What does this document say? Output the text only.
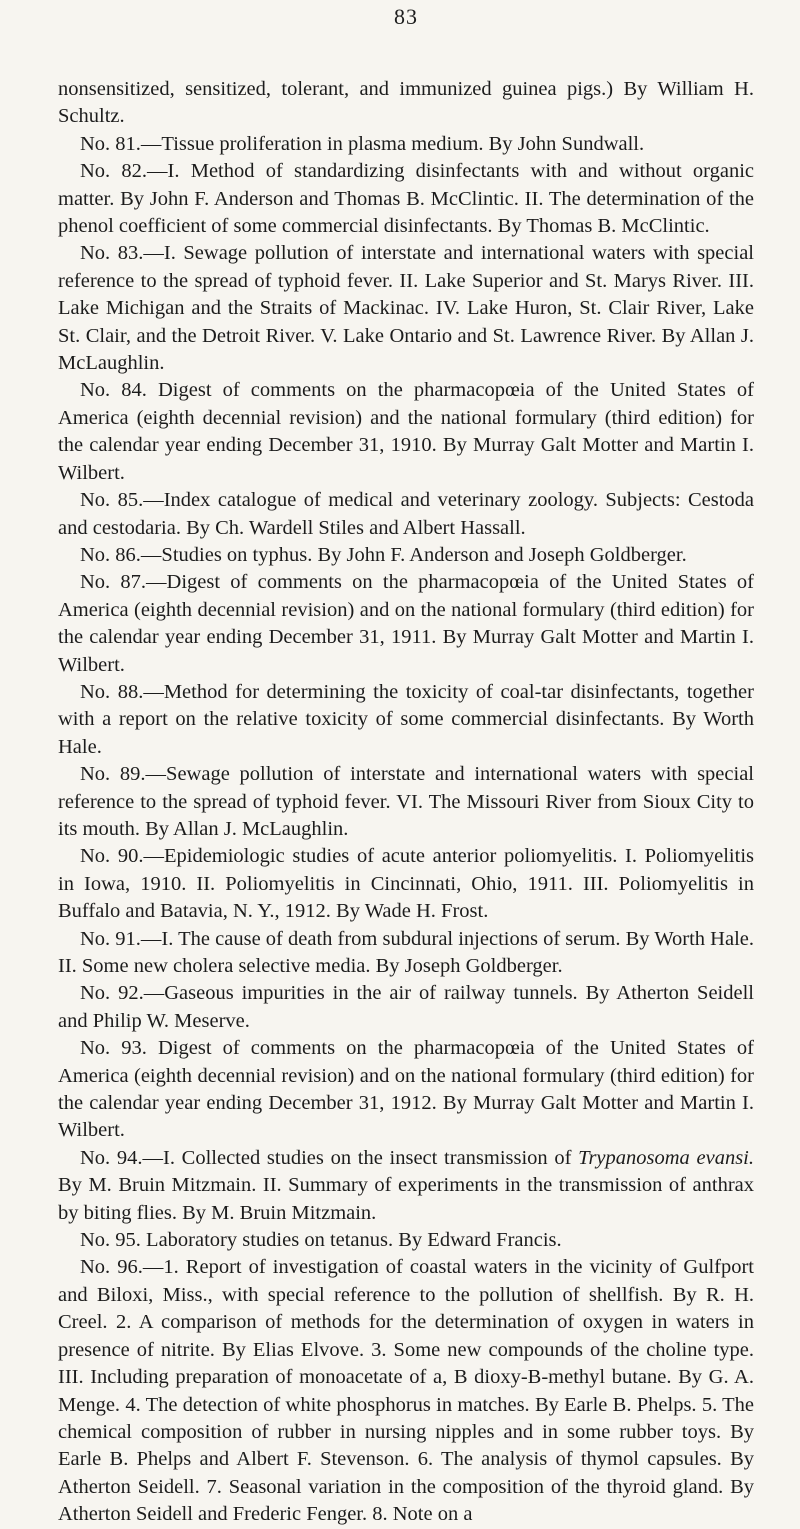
83

nonsensitized, sensitized, tolerant, and immunized guinea pigs.) By William H. Schultz.

No. 81.—Tissue proliferation in plasma medium. By John Sundwall.

No. 82.—I. Method of standardizing disinfectants with and without organic matter. By John F. Anderson and Thomas B. McClintic. II. The determination of the phenol coefficient of some commercial disinfectants. By Thomas B. McClintic.

No. 83.—I. Sewage pollution of interstate and international waters with special reference to the spread of typhoid fever. II. Lake Superior and St. Marys River. III. Lake Michigan and the Straits of Mackinac. IV. Lake Huron, St. Clair River, Lake St. Clair, and the Detroit River. V. Lake Ontario and St. Lawrence River. By Allan J. McLaughlin.

No. 84. Digest of comments on the pharmacopœia of the United States of America (eighth decennial revision) and the national formulary (third edition) for the calendar year ending December 31, 1910. By Murray Galt Motter and Martin I. Wilbert.

No. 85.—Index catalogue of medical and veterinary zoology. Subjects: Cestoda and cestodaria. By Ch. Wardell Stiles and Albert Hassall.

No. 86.—Studies on typhus. By John F. Anderson and Joseph Goldberger.

No. 87.—Digest of comments on the pharmacopœia of the United States of America (eighth decennial revision) and on the national formulary (third edition) for the calendar year ending December 31, 1911. By Murray Galt Motter and Martin I. Wilbert.

No. 88.—Method for determining the toxicity of coal-tar disinfectants, together with a report on the relative toxicity of some commercial disinfectants. By Worth Hale.

No. 89.—Sewage pollution of interstate and international waters with special reference to the spread of typhoid fever. VI. The Missouri River from Sioux City to its mouth. By Allan J. McLaughlin.

No. 90.—Epidemiologic studies of acute anterior poliomyelitis. I. Poliomyelitis in Iowa, 1910. II. Poliomyelitis in Cincinnati, Ohio, 1911. III. Poliomyelitis in Buffalo and Batavia, N. Y., 1912. By Wade H. Frost.

No. 91.—I. The cause of death from subdural injections of serum. By Worth Hale. II. Some new cholera selective media. By Joseph Goldberger.

No. 92.—Gaseous impurities in the air of railway tunnels. By Atherton Seidell and Philip W. Meserve.

No. 93. Digest of comments on the pharmacopœia of the United States of America (eighth decennial revision) and on the national formulary (third edition) for the calendar year ending December 31, 1912. By Murray Galt Motter and Martin I. Wilbert.

No. 94.—I. Collected studies on the insect transmission of Trypanosoma evansi. By M. Bruin Mitzmain. II. Summary of experiments in the transmission of anthrax by biting flies. By M. Bruin Mitzmain.

No. 95. Laboratory studies on tetanus. By Edward Francis.

No. 96.—1. Report of investigation of coastal waters in the vicinity of Gulfport and Biloxi, Miss., with special reference to the pollution of shellfish. By R. H. Creel. 2. A comparison of methods for the determination of oxygen in waters in presence of nitrite. By Elias Elvove. 3. Some new compounds of the choline type. III. Including preparation of monoacetate of a, B dioxy-B-methyl butane. By G. A. Menge. 4. The detection of white phosphorus in matches. By Earle B. Phelps. 5. The chemical composition of rubber in nursing nipples and in some rubber toys. By Earle B. Phelps and Albert F. Stevenson. 6. The analysis of thymol capsules. By Atherton Seidell. 7. Seasonal variation in the composition of the thyroid gland. By Atherton Seidell and Frederic Fenger. 8. Note on a
